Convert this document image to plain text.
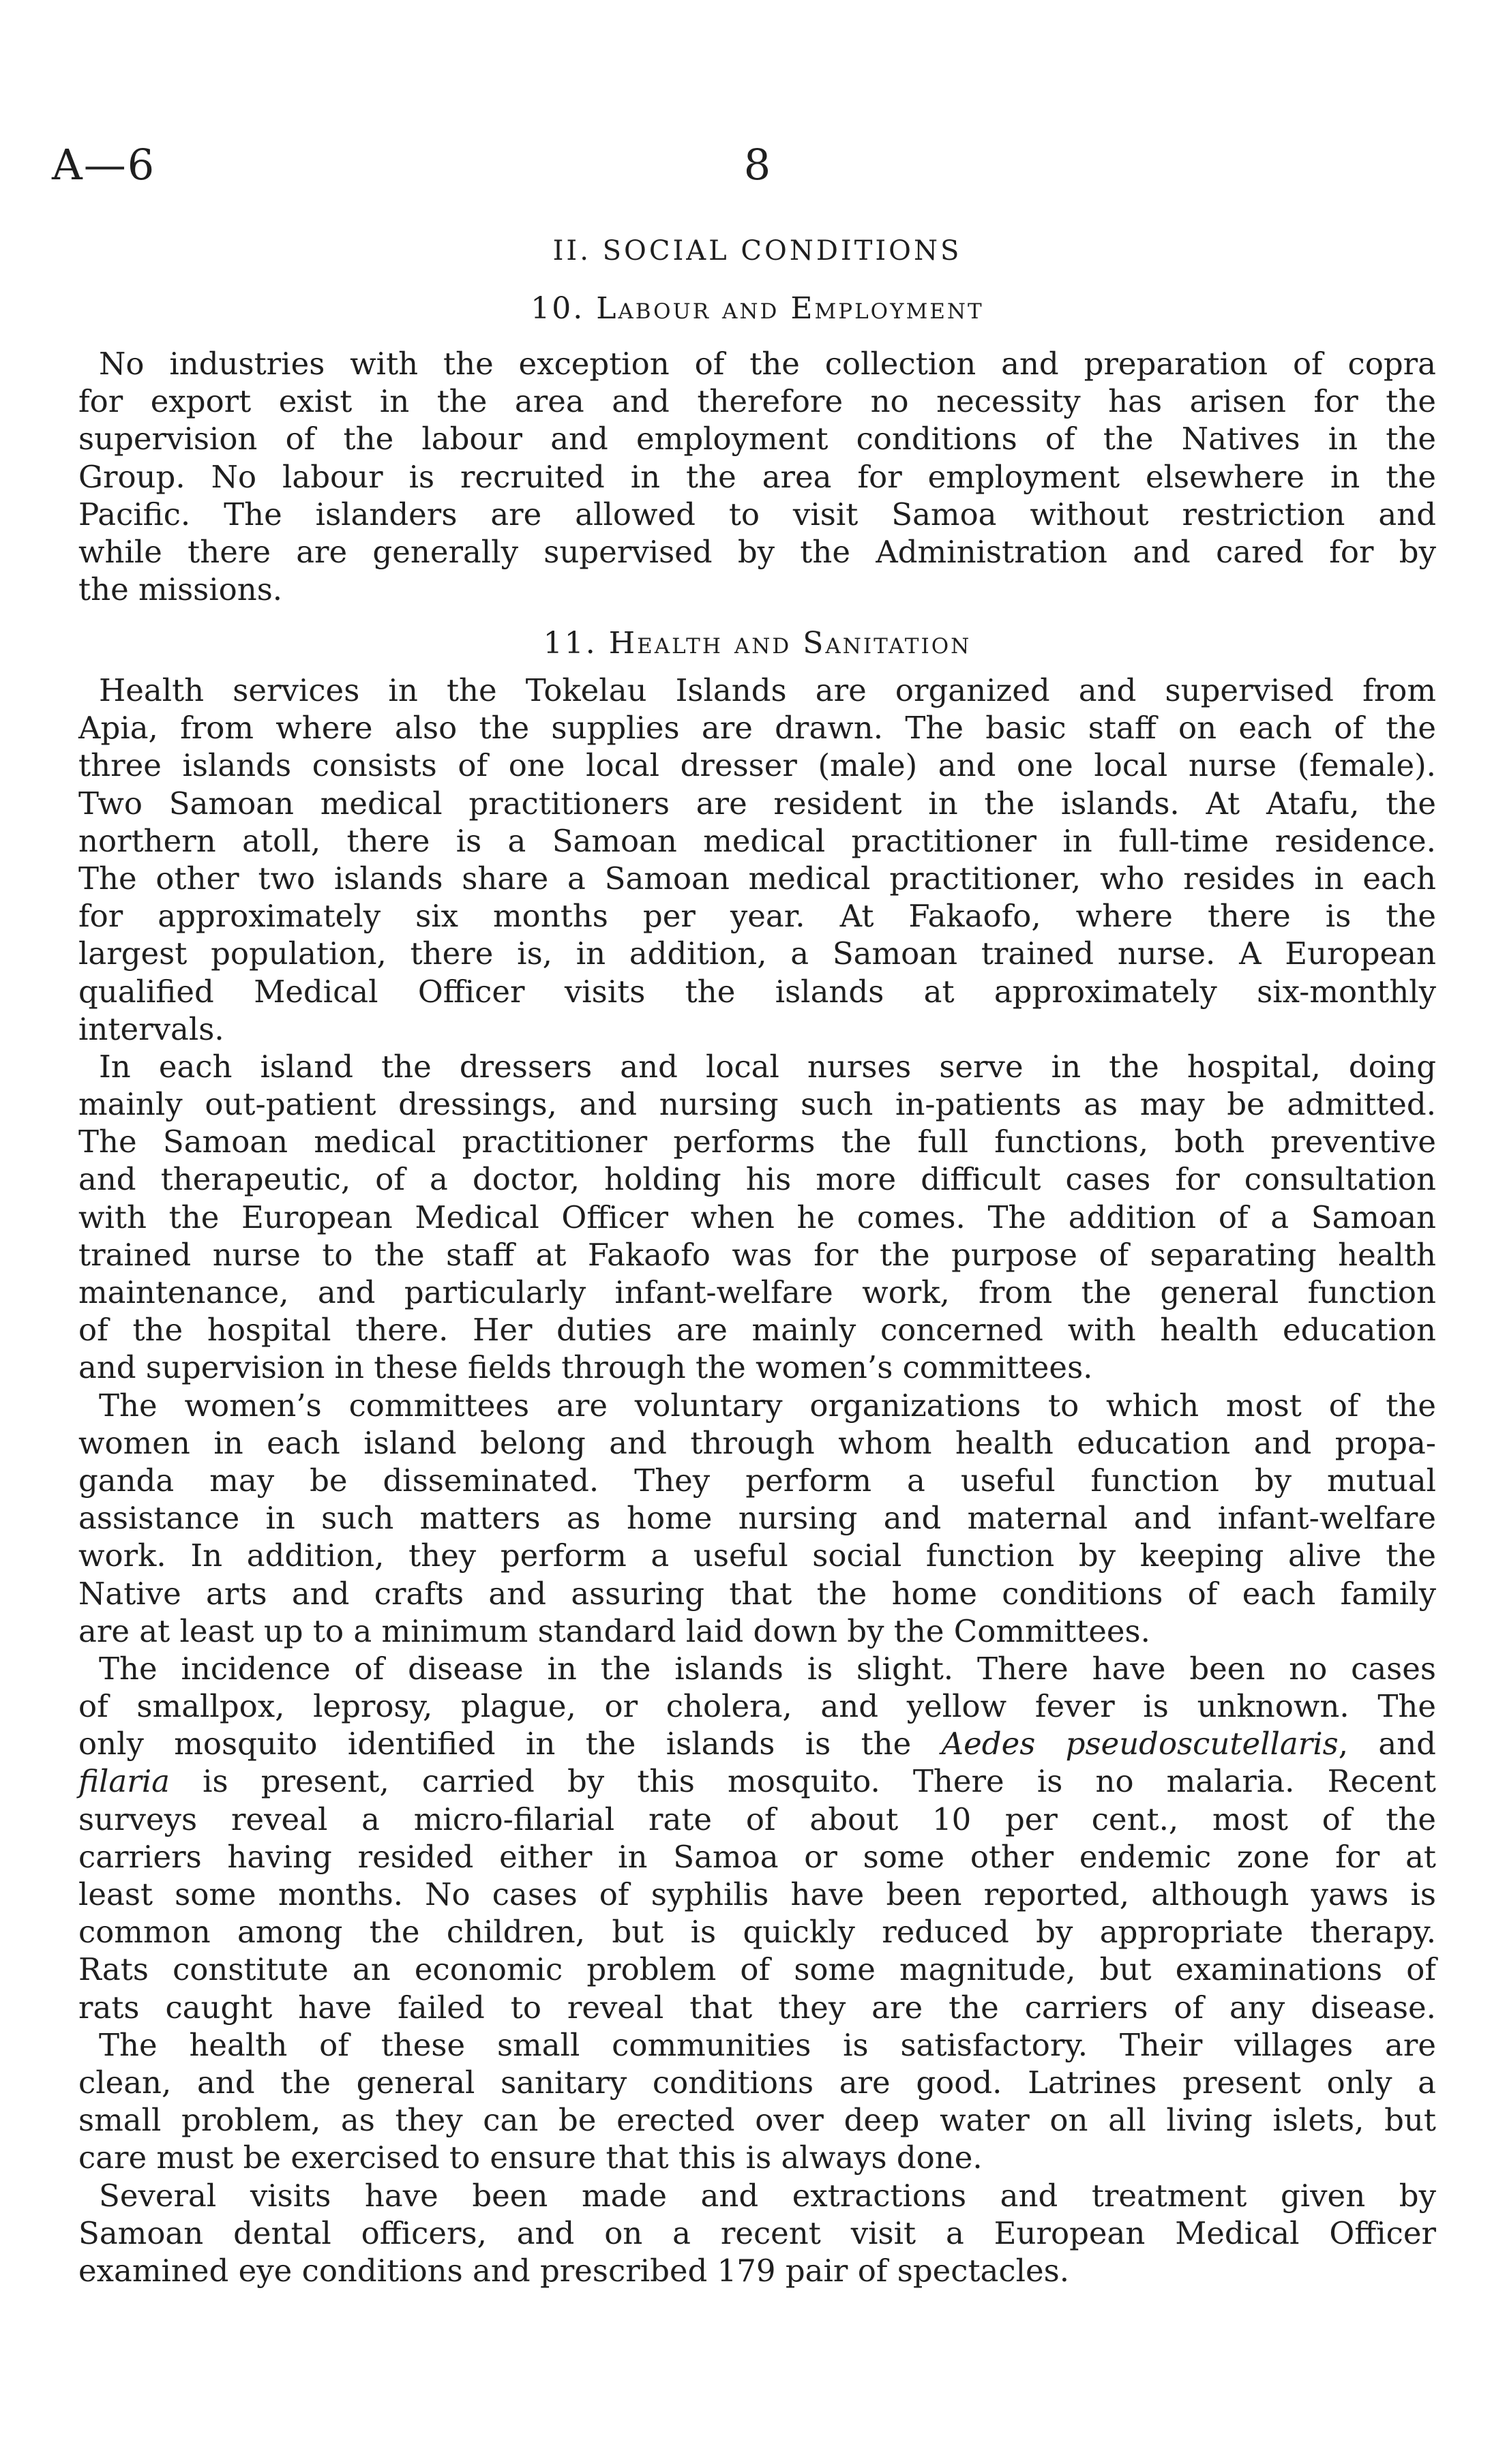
A—6	8
II. SOCIAL CONDITIONS
10. Labour and Employment
No industries with the exception of the collection and preparation of copra
for export exist in the area and therefore no necessity has arisen for the
supervision of the labour and employment conditions of the Natives in the
Group. No labour is recruited in the area for employment elsewhere in the
Pacific. The islanders are allowed to visit Samoa without restriction and
while there are generally supervised by the Administration and cared for by
the missions.
11. Health and Sanitation
Health services in the Tokelau Islands are organized and supervised from
Apia, from where also the supplies are drawn. The basic staff on each of the
three islands consists of one local dresser (male) and one local nurse (female).
Two Samoan medical practitioners are resident in the islands. At Atafu, the
northern atoll, there is a Samoan medical practitioner in full-time residence.
The other two islands share a Samoan medical practitioner, who resides in each
for approximately six months per year. At Fakaofo, where there is the
largest population, there is, in addition, a Samoan trained nurse. A European
qualified Medical Officer visits the islands at approximately six-monthly
intervals.
In each island the dressers and local nurses serve in the hospital, doing
mainly out-patient dressings, and nursing such in-patients as may be admitted.
The Samoan medical practitioner performs the full functions, both preventive
and therapeutic, of a doctor, holding his more difficult cases for consultation
with the European Medical Officer when he comes. The addition of a Samoan
trained nurse to the staff at Fakaofo was for the purpose of separating health
maintenance, and particularly infant-welfare work, from the general function
of the hospital there. Her duties are mainly concerned with health education
and supervision in these fields through the women’s committees.
The women’s committees are voluntary organizations to which most of the
women in each island belong and through whom health education and propa-
ganda may be disseminated. They perform a useful function by mutual
assistance in such matters as home nursing and maternal and infant-welfare
work. In addition, they perform a useful social function by keeping alive the
Native arts and crafts and assuring that the home conditions of each family
are at least up to a minimum standard laid down by the Committees.
The incidence of disease in the islands is slight. There have been no cases
of smallpox, leprosy, plague, or cholera, and yellow fever is unknown. The
only mosquito identified in the islands is the Aedes pseudoscutellaris, and
filaria is present, carried by this mosquito. There is no malaria. Recent
surveys reveal a micro-filarial rate of about 10 per cent., most of the
carriers having resided either in Samoa or some other endemic zone for at
least some months. No cases of syphilis have been reported, although yaws is
common among the children, but is quickly reduced by appropriate therapy.
Rats constitute an economic problem of some magnitude, but examinations of
rats caught have failed to reveal that they are the carriers of any disease.
The health of these small communities is satisfactory. Their villages are
clean, and the general sanitary conditions are good. Latrines present only a
small problem, as they can be erected over deep water on all living islets, but
care must be exercised to ensure that this is always done.
Several visits have been made and extractions and treatment given by
Samoan dental officers, and on a recent visit a European Medical Officer
examined eye conditions and prescribed 179 pair of spectacles.
